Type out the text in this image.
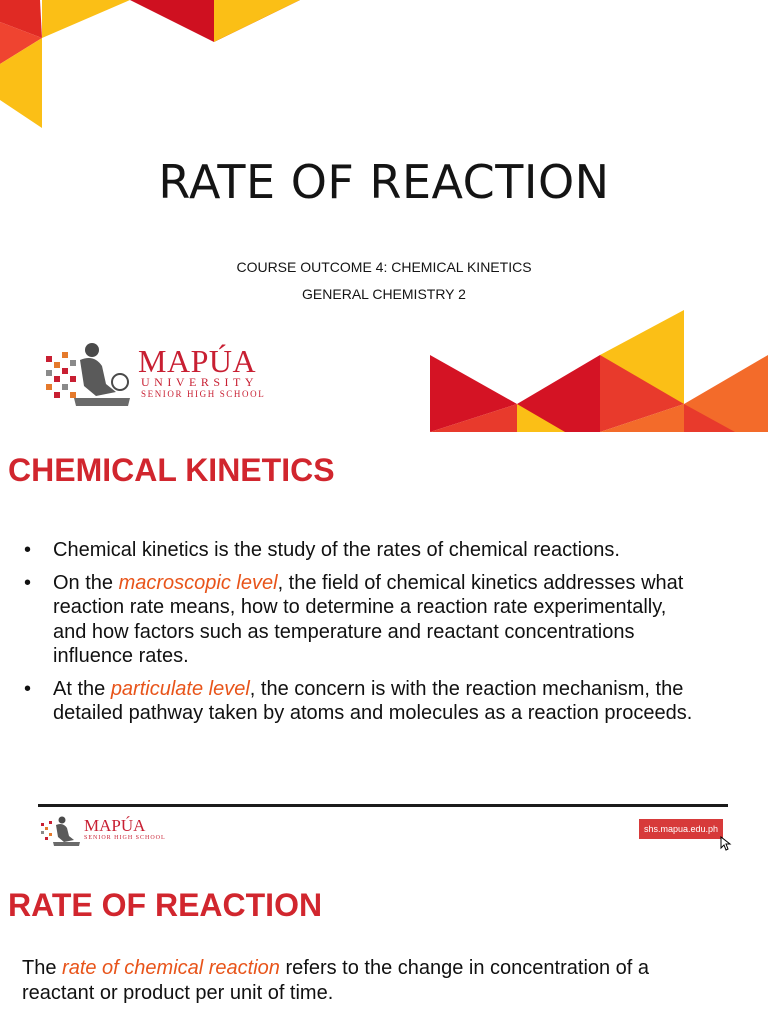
RATE OF REACTION
COURSE OUTCOME 4: CHEMICAL KINETICS
GENERAL CHEMISTRY 2
MAPÚA
UNIVERSITY
SENIOR HIGH SCHOOL
CHEMICAL KINETICS
• Chemical kinetics is the study of the rates of chemical reactions.
• On the macroscopic level, the field of chemical kinetics addresses what reaction rate means, how to determine a reaction rate experimentally, and how factors such as temperature and reactant concentrations influence rates.
• At the particulate level, the concern is with the reaction mechanism, the detailed pathway taken by atoms and molecules as a reaction proceeds.
MAPÚA
SENIOR HIGH SCHOOL
shs.mapua.edu.ph
RATE OF REACTION

The rate of chemical reaction refers to the change in concentration of a reactant or product per unit of time.
